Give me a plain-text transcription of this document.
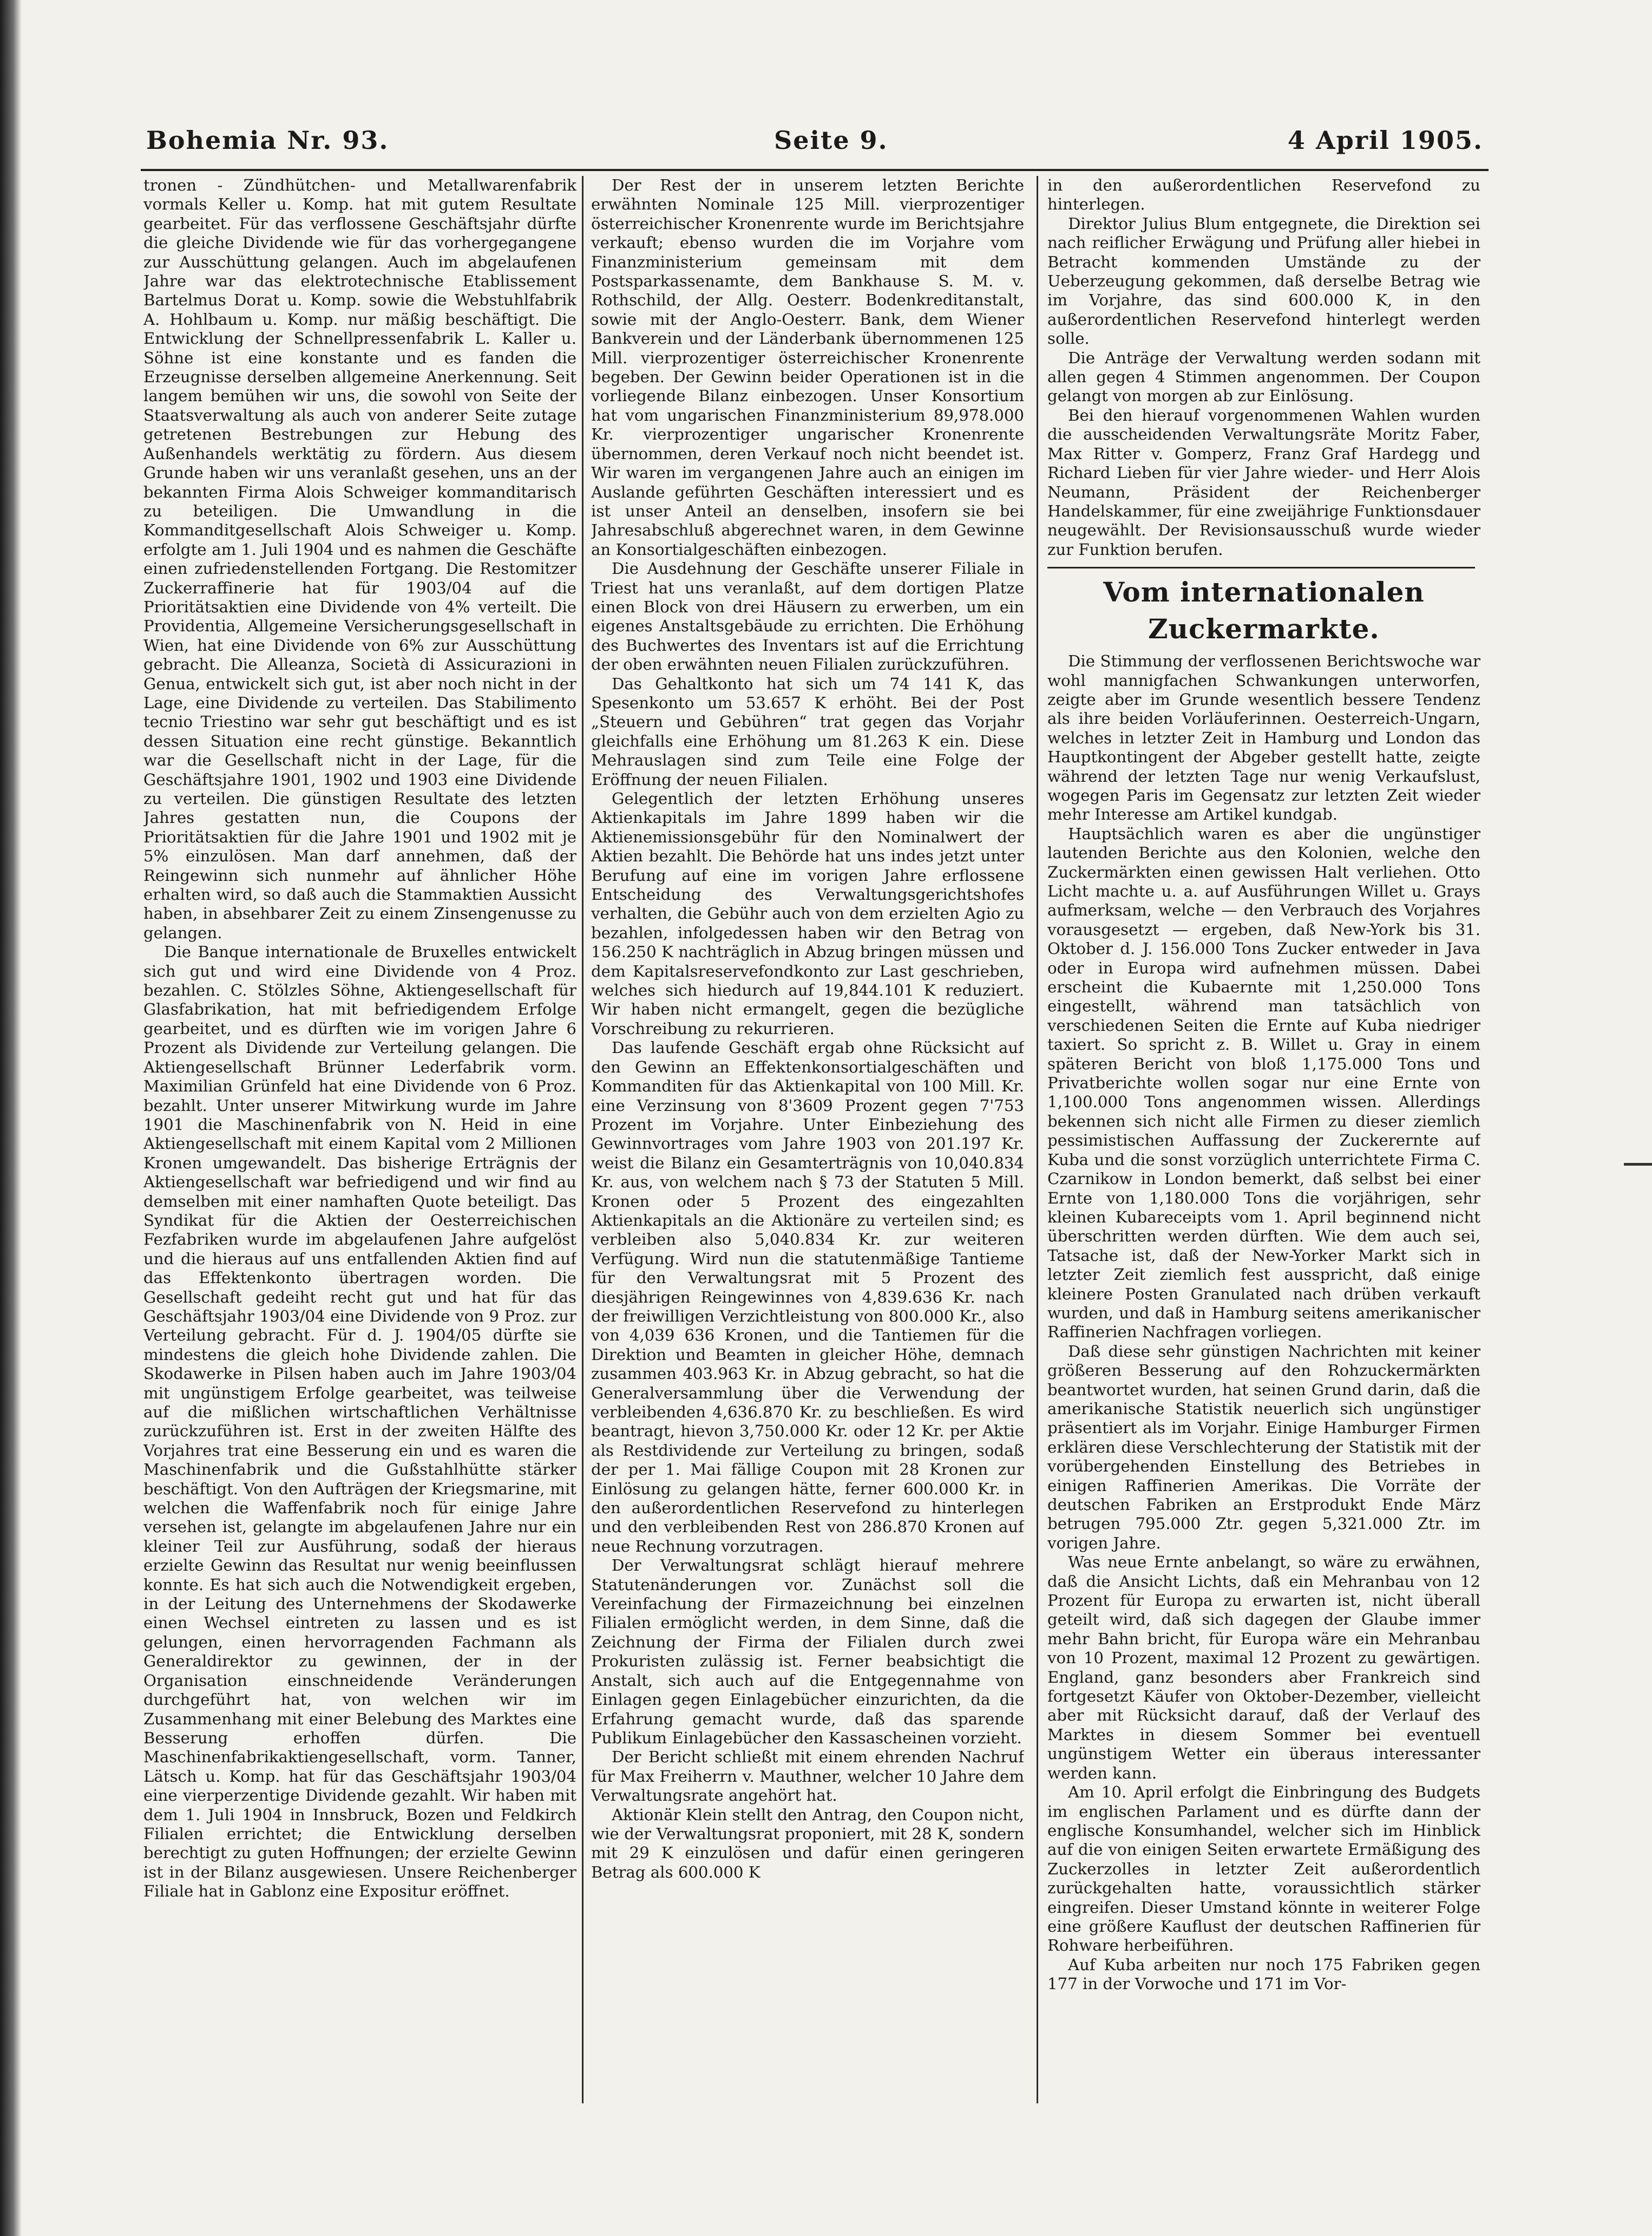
Bohemia Nr. 93.	Seite 9.	4 April 1905.

tronen - Zündhütchen- und Metallwarenfabrik vormals Keller u. Komp. hat mit gutem Resultate gearbeitet. Für das verflossene Geschäftsjahr dürfte die gleiche Dividende wie für das vorhergegangene zur Ausschüttung gelangen. Auch im abgelaufenen Jahre war das elektrotechnische Etablissement Bartelmus Dorat u. Komp. sowie die Webstuhlfabrik A. Hohlbaum u. Komp. nur mäßig beschäftigt. Die Entwicklung der Schnellpressenfabrik L. Kaller u. Söhne ist eine konstante und es fanden die Erzeugnisse derselben allgemeine Anerkennung. Seit langem bemühen wir uns, die sowohl von Seite der Staatsverwaltung als auch von anderer Seite zutage getretenen Bestrebungen zur Hebung des Außenhandels werktätig zu fördern. Aus diesem Grunde haben wir uns veranlaßt gesehen, uns an der bekannten Firma Alois Schweiger kommanditarisch zu beteiligen. Die Umwandlung in die Kommanditgesellschaft Alois Schweiger u. Komp. erfolgte am 1. Juli 1904 und es nahmen die Geschäfte einen zufriedenstellenden Fortgang. Die Restomitzer Zuckerraffinerie hat für 1903/04 auf die Prioritätsaktien eine Dividende von 4% verteilt. Die Providentia, Allgemeine Versicherungsgesellschaft in Wien, hat eine Dividende von 6% zur Ausschüttung gebracht. Die Alleanza, Società di Assicurazioni in Genua, entwickelt sich gut, ist aber noch nicht in der Lage, eine Dividende zu verteilen. Das Stabilimento tecnio Triestino war sehr gut beschäftigt und es ist dessen Situation eine recht günstige. Bekanntlich war die Gesellschaft nicht in der Lage, für die Geschäftsjahre 1901, 1902 und 1903 eine Dividende zu verteilen. Die günstigen Resultate des letzten Jahres gestatten nun, die Coupons der Prioritätsaktien für die Jahre 1901 und 1902 mit je 5% einzulösen. Man darf annehmen, daß der Reingewinn sich nunmehr auf ähnlicher Höhe erhalten wird, so daß auch die Stammaktien Aussicht haben, in absehbarer Zeit zu einem Zinsengenusse zu gelangen.

Die Banque internationale de Bruxelles entwickelt sich gut und wird eine Dividende von 4 Proz. bezahlen. C. Stölzles Söhne, Aktiengesellschaft für Glasfabrikation, hat mit befriedigendem Erfolge gearbeitet, und es dürften wie im vorigen Jahre 6 Prozent als Dividende zur Verteilung gelangen. Die Aktiengesellschaft Brünner Lederfabrik vorm. Maximilian Grünfeld hat eine Dividende von 6 Proz. bezahlt. Unter unserer Mitwirkung wurde im Jahre 1901 die Maschinenfabrik von N. Heid in eine Aktiengesellschaft mit einem Kapital vom 2 Millionen Kronen umgewandelt. Das bisherige Erträgnis der Aktiengesellschaft war befriedigend und wir find au demselben mit einer namhaften Quote beteiligt. Das Syndikat für die Aktien der Oesterreichischen Fezfabriken wurde im abgelaufenen Jahre aufgelöst und die hieraus auf uns entfallenden Aktien find auf das Effektenkonto übertragen worden. Die Gesellschaft gedeiht recht gut und hat für das Geschäftsjahr 1903/04 eine Dividende von 9 Proz. zur Verteilung gebracht. Für d. J. 1904/05 dürfte sie mindestens die gleich hohe Dividende zahlen. Die Skodawerke in Pilsen haben auch im Jahre 1903/04 mit ungünstigem Erfolge gearbeitet, was teilweise auf die mißlichen wirtschaftlichen Verhältnisse zurückzuführen ist. Erst in der zweiten Hälfte des Vorjahres trat eine Besserung ein und es waren die Maschinenfabrik und die Gußstahlhütte stärker beschäftigt. Von den Aufträgen der Kriegsmarine, mit welchen die Waffenfabrik noch für einige Jahre versehen ist, gelangte im abgelaufenen Jahre nur ein kleiner Teil zur Ausführung, sodaß der hieraus erzielte Gewinn das Resultat nur wenig beeinflussen konnte. Es hat sich auch die Notwendigkeit ergeben, in der Leitung des Unternehmens der Skodawerke einen Wechsel eintreten zu lassen und es ist gelungen, einen hervorragenden Fachmann als Generaldirektor zu gewinnen, der in der Organisation einschneidende Veränderungen durchgeführt hat, von welchen wir im Zusammenhang mit einer Belebung des Marktes eine Besserung erhoffen dürfen. Die Maschinenfabrikaktiengesellschaft, vorm. Tanner, Lätsch u. Komp. hat für das Geschäftsjahr 1903/04 eine vierperzentige Dividende gezahlt. Wir haben mit dem 1. Juli 1904 in Innsbruck, Bozen und Feldkirch Filialen errichtet; die Entwicklung derselben berechtigt zu guten Hoffnungen; der erzielte Gewinn ist in der Bilanz ausgewiesen. Unsere Reichenberger Filiale hat in Gablonz eine Expositur eröffnet.

Der Rest der in unserem letzten Berichte erwähnten Nominale 125 Mill. vierprozentiger österreichischer Kronenrente wurde im Berichtsjahre verkauft; ebenso wurden die im Vorjahre vom Finanzministerium gemeinsam mit dem Postsparkassenamte, dem Bankhause S. M. v. Rothschild, der Allg. Oesterr. Bodenkreditanstalt, sowie mit der Anglo-Oesterr. Bank, dem Wiener Bankverein und der Länderbank übernommenen 125 Mill. vierprozentiger österreichischer Kronenrente begeben. Der Gewinn beider Operationen ist in die vorliegende Bilanz einbezogen. Unser Konsortium hat vom ungarischen Finanzministerium 89,978.000 Kr. vierprozentiger ungarischer Kronenrente übernommen, deren Verkauf noch nicht beendet ist. Wir waren im vergangenen Jahre auch an einigen im Auslande geführten Geschäften interessiert und es ist unser Anteil an denselben, insofern sie bei Jahresabschluß abgerechnet waren, in dem Gewinne an Konsortialgeschäften einbezogen.

Die Ausdehnung der Geschäfte unserer Filiale in Triest hat uns veranlaßt, auf dem dortigen Platze einen Block von drei Häusern zu erwerben, um ein eigenes Anstaltsgebäude zu errichten. Die Erhöhung des Buchwertes des Inventars ist auf die Errichtung der oben erwähnten neuen Filialen zurückzuführen.

Das Gehaltkonto hat sich um 74 141 K, das Spesenkonto um 53.657 K erhöht. Bei der Post „Steuern und Gebühren“ trat gegen das Vorjahr gleichfalls eine Erhöhung um 81.263 K ein. Diese Mehrauslagen sind zum Teile eine Folge der Eröffnung der neuen Filialen.

Gelegentlich der letzten Erhöhung unseres Aktienkapitals im Jahre 1899 haben wir die Aktienemissionsgebühr für den Nominalwert der Aktien bezahlt. Die Behörde hat uns indes jetzt unter Berufung auf eine im vorigen Jahre erflossene Entscheidung des Verwaltungsgerichtshofes verhalten, die Gebühr auch von dem erzielten Agio zu bezahlen, infolgedessen haben wir den Betrag von 156.250 K nachträglich in Abzug bringen müssen und dem Kapitalsreservefondkonto zur Last geschrieben, welches sich hiedurch auf 19,844.101 K reduziert. Wir haben nicht ermangelt, gegen die bezügliche Vorschreibung zu rekurrieren.

Das laufende Geschäft ergab ohne Rücksicht auf den Gewinn an Effektenkonsortialgeschäften und Kommanditen für das Aktienkapital von 100 Mill. Kr. eine Verzinsung von 8'3609 Prozent gegen 7'753 Prozent im Vorjahre. Unter Einbeziehung des Gewinnvortrages vom Jahre 1903 von 201.197 Kr. weist die Bilanz ein Gesamterträgnis von 10,040.834 Kr. aus, von welchem nach § 73 der Statuten 5 Mill. Kronen oder 5 Prozent des eingezahlten Aktienkapitals an die Aktionäre zu verteilen sind; es verbleiben also 5,040.834 Kr. zur weiteren Verfügung. Wird nun die statutenmäßige Tantieme für den Verwaltungsrat mit 5 Prozent des diesjährigen Reingewinnes von 4,839.636 Kr. nach der freiwilligen Verzichtleistung von 800.000 Kr., also von 4,039 636 Kronen, und die Tantiemen für die Direktion und Beamten in gleicher Höhe, demnach zusammen 403.963 Kr. in Abzug gebracht, so hat die Generalversammlung über die Verwendung der verbleibenden 4,636.870 Kr. zu beschließen. Es wird beantragt, hievon 3,750.000 Kr. oder 12 Kr. per Aktie als Restdividende zur Verteilung zu bringen, sodaß der per 1. Mai fällige Coupon mit 28 Kronen zur Einlösung zu gelangen hätte, ferner 600.000 Kr. in den außerordentlichen Reservefond zu hinterlegen und den verbleibenden Rest von 286.870 Kronen auf neue Rechnung vorzutragen.

Der Verwaltungsrat schlägt hierauf mehrere Statutenänderungen vor. Zunächst soll die Vereinfachung der Firmazeichnung bei einzelnen Filialen ermöglicht werden, in dem Sinne, daß die Zeichnung der Firma der Filialen durch zwei Prokuristen zulässig ist. Ferner beabsichtigt die Anstalt, sich auch auf die Entgegennahme von Einlagen gegen Einlagebücher einzurichten, da die Erfahrung gemacht wurde, daß das sparende Publikum Einlagebücher den Kassascheinen vorzieht.

Der Bericht schließt mit einem ehrenden Nachruf für Max Freiherrn v. Mauthner, welcher 10 Jahre dem Verwaltungsrate angehört hat.

Aktionär Klein stellt den Antrag, den Coupon nicht, wie der Verwaltungsrat proponiert, mit 28 K, sondern mit 29 K einzulösen und dafür einen geringeren Betrag als 600.000 K

in den außerordentlichen Reservefond zu hinterlegen.

Direktor Julius Blum entgegnete, die Direktion sei nach reiflicher Erwägung und Prüfung aller hiebei in Betracht kommenden Umstände zu der Ueberzeugung gekommen, daß derselbe Betrag wie im Vorjahre, das sind 600.000 K, in den außerordentlichen Reservefond hinterlegt werden solle.

Die Anträge der Verwaltung werden sodann mit allen gegen 4 Stimmen angenommen. Der Coupon gelangt von morgen ab zur Einlösung.

Bei den hierauf vorgenommenen Wahlen wurden die ausscheidenden Verwaltungsräte Moritz Faber, Max Ritter v. Gomperz, Franz Graf Hardegg und Richard Lieben für vier Jahre wieder- und Herr Alois Neumann, Präsident der Reichenberger Handelskammer, für eine zweijährige Funktionsdauer neugewählt. Der Revisionsausschuß wurde wieder zur Funktion berufen.

Vom internationalen Zuckermarkte.

Die Stimmung der verflossenen Berichtswoche war wohl mannigfachen Schwankungen unterworfen, zeigte aber im Grunde wesentlich bessere Tendenz als ihre beiden Vorläuferinnen. Oesterreich-Ungarn, welches in letzter Zeit in Hamburg und London das Hauptkontingent der Abgeber gestellt hatte, zeigte während der letzten Tage nur wenig Verkaufslust, wogegen Paris im Gegensatz zur letzten Zeit wieder mehr Interesse am Artikel kundgab.

Hauptsächlich waren es aber die ungünstiger lautenden Berichte aus den Kolonien, welche den Zuckermärkten einen gewissen Halt verliehen. Otto Licht machte u. a. auf Ausführungen Willet u. Grays aufmerksam, welche — den Verbrauch des Vorjahres vorausgesetzt — ergeben, daß New-York bis 31. Oktober d. J. 156.000 Tons Zucker entweder in Java oder in Europa wird aufnehmen müssen. Dabei erscheint die Kubaernte mit 1,250.000 Tons eingestellt, während man tatsächlich von verschiedenen Seiten die Ernte auf Kuba niedriger taxiert. So spricht z. B. Willet u. Gray in einem späteren Bericht von bloß 1,175.000 Tons und Privatberichte wollen sogar nur eine Ernte von 1,100.000 Tons angenommen wissen. Allerdings bekennen sich nicht alle Firmen zu dieser ziemlich pessimistischen Auffassung der Zuckerernte auf Kuba und die sonst vorzüglich unterrichtete Firma C. Czarnikow in London bemerkt, daß selbst bei einer Ernte von 1,180.000 Tons die vorjährigen, sehr kleinen Kubareceipts vom 1. April beginnend nicht überschritten werden dürften. Wie dem auch sei, Tatsache ist, daß der New-Yorker Markt sich in letzter Zeit ziemlich fest ausspricht, daß einige kleinere Posten Granulated nach drüben verkauft wurden, und daß in Hamburg seitens amerikanischer Raffinerien Nachfragen vorliegen.

Daß diese sehr günstigen Nachrichten mit keiner größeren Besserung auf den Rohzuckermärkten beantwortet wurden, hat seinen Grund darin, daß die amerikanische Statistik neuerlich sich ungünstiger präsentiert als im Vorjahr. Einige Hamburger Firmen erklären diese Verschlechterung der Statistik mit der vorübergehenden Einstellung des Betriebes in einigen Raffinerien Amerikas. Die Vorräte der deutschen Fabriken an Erstprodukt Ende März betrugen 795.000 Ztr. gegen 5,321.000 Ztr. im vorigen Jahre.

Was neue Ernte anbelangt, so wäre zu erwähnen, daß die Ansicht Lichts, daß ein Mehranbau von 12 Prozent für Europa zu erwarten ist, nicht überall geteilt wird, daß sich dagegen der Glaube immer mehr Bahn bricht, für Europa wäre ein Mehranbau von 10 Prozent, maximal 12 Prozent zu gewärtigen. England, ganz besonders aber Frankreich sind fortgesetzt Käufer von Oktober-Dezember, vielleicht aber mit Rücksicht darauf, daß der Verlauf des Marktes in diesem Sommer bei eventuell ungünstigem Wetter ein überaus interessanter werden kann.

Am 10. April erfolgt die Einbringung des Budgets im englischen Parlament und es dürfte dann der englische Konsumhandel, welcher sich im Hinblick auf die von einigen Seiten erwartete Ermäßigung des Zuckerzolles in letzter Zeit außerordentlich zurückgehalten hatte, voraussichtlich stärker eingreifen. Dieser Umstand könnte in weiterer Folge eine größere Kauflust der deutschen Raffinerien für Rohware herbeiführen.

Auf Kuba arbeiten nur noch 175 Fabriken gegen 177 in der Vorwoche und 171 im Vor-
